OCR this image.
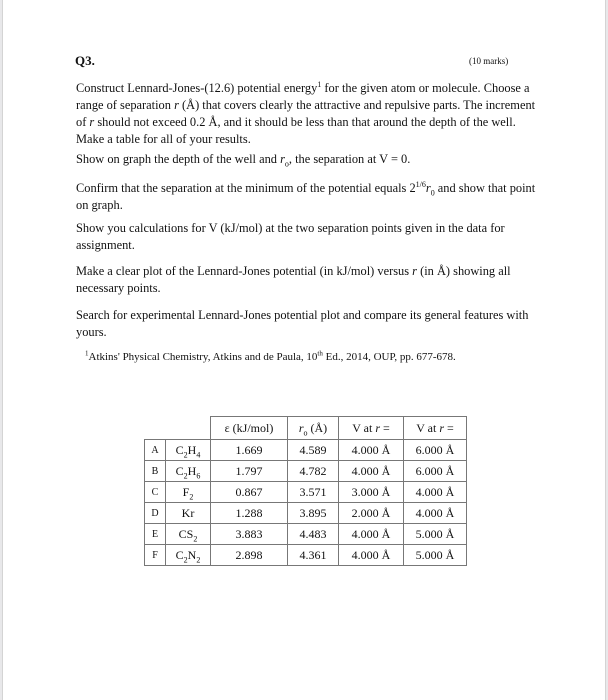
Q3.	(10 marks)
Construct Lennard-Jones-(12.6) potential energy$^1$ for the given atom or molecule. Choose a range of separation r (Å) that covers clearly the attractive and repulsive parts. The increment of r should not exceed 0.2 Å, and it should be less than that around the depth of the well. Make a table for all of your results.
Show on graph the depth of the well and $r_o$, the separation at V = 0.
Confirm that the separation at the minimum of the potential equals $2^{1/6}r_0$ and show that point on graph.
Show you calculations for V (kJ/mol) at the two separation points given in the data for assignment.
Make a clear plot of the Lennard-Jones potential (in kJ/mol) versus r (in Å) showing all necessary points.
Search for experimental Lennard-Jones potential plot and compare its general features with yours.
$^1$Atkins' Physical Chemistry, Atkins and de Paula, 10th Ed., 2014, OUP, pp. 677-678.
		ε (kJ/mol)	$r_o$ (Å)	V at r =	V at r =
A	$C_2H_4$	1.669	4.589	4.000 Å	6.000 Å
B	$C_2H_6$	1.797	4.782	4.000 Å	6.000 Å
C	$F_2$	0.867	3.571	3.000 Å	4.000 Å
D	Kr	1.288	3.895	2.000 Å	4.000 Å
E	$CS_2$	3.883	4.483	4.000 Å	5.000 Å
F	$C_2N_2$	2.898	4.361	4.000 Å	5.000 Å
